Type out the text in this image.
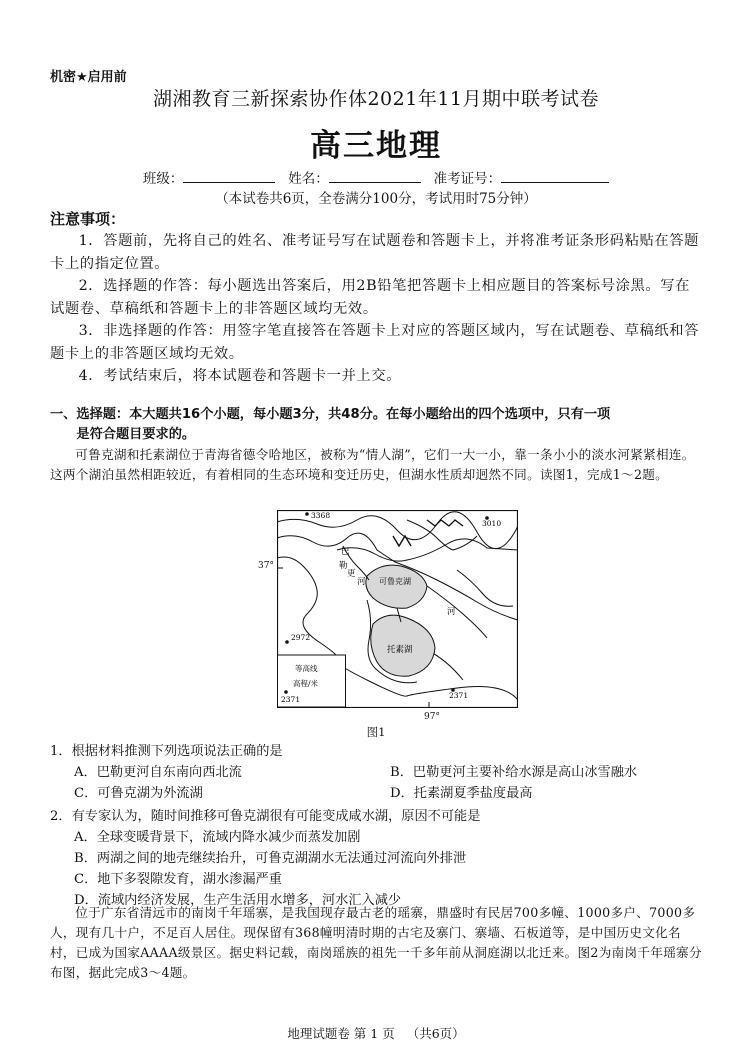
机密★启用前
湖湘教育三新探索协作体2021年11月期中联考试卷
高三地理
班级：	姓名：	准考证号：
（本试卷共6页，全卷满分100分，考试用时75分钟）
注意事项：

1．答题前，先将自己的姓名、准考证号写在试题卷和答题卡上，并将准考证条形码粘贴在答题卡上的指定位置。

2．选择题的作答：每小题选出答案后，用2B铅笔把答题卡上相应题目的答案标号涂黑。写在试题卷、草稿纸和答题卡上的非答题区域均无效。

3．非选择题的作答：用签字笔直接答在答题卡上对应的答题区域内，写在试题卷、草稿纸和答题卡上的非答题区域均无效。

4．考试结束后，将本试题卷和答题卡一并上交。

一、选择题：本大题共16个小题，每小题3分，共48分。在每小题给出的四个选项中，只有一项
是符合题目要求的。

可鲁克湖和托素湖位于青海省德令哈地区，被称为“情人湖”，它们一大一小，靠一条小小的淡水河紧紧相连。这两个湖泊虽然相距较近，有着相同的生态环境和变迁历史，但湖水性质却迥然不同。读图1，完成1～2题。

3368
3010
2972
2371	2371
巴
勒
更
河
河
可鲁克湖
托素湖
等高线
高程/米
37°
97°
图1

1．根据材料推测下列选项说法正确的是

A．巴勒更河自东南向西北流	B．巴勒更河主要补给水源是高山冰雪融水

C．可鲁克湖为外流湖	D．托素湖夏季盐度最高

2．有专家认为，随时间推移可鲁克湖很有可能变成咸水湖，原因不可能是

A．全球变暖背景下，流域内降水减少而蒸发加剧

B．两湖之间的地壳继续抬升，可鲁克湖湖水无法通过河流向外排泄

C．地下多裂隙发育，湖水渗漏严重

D．流域内经济发展，生产生活用水增多，河水汇入减少

位于广东省清远市的南岗千年瑶寨，是我国现存最古老的瑶寨，鼎盛时有民居700多幢、1000多户、7000多人，现有几十户，不足百人居住。现保留有368幢明清时期的古宅及寨门、寨墙、石板道等，是中国历史文化名村，已成为国家AAAA级景区。据史料记载，南岗瑶族的祖先一千多年前从洞庭湖以北迁来。图2为南岗千年瑶寨分布图，据此完成3～4题。

地理试题卷 第 1 页 （共6页）
